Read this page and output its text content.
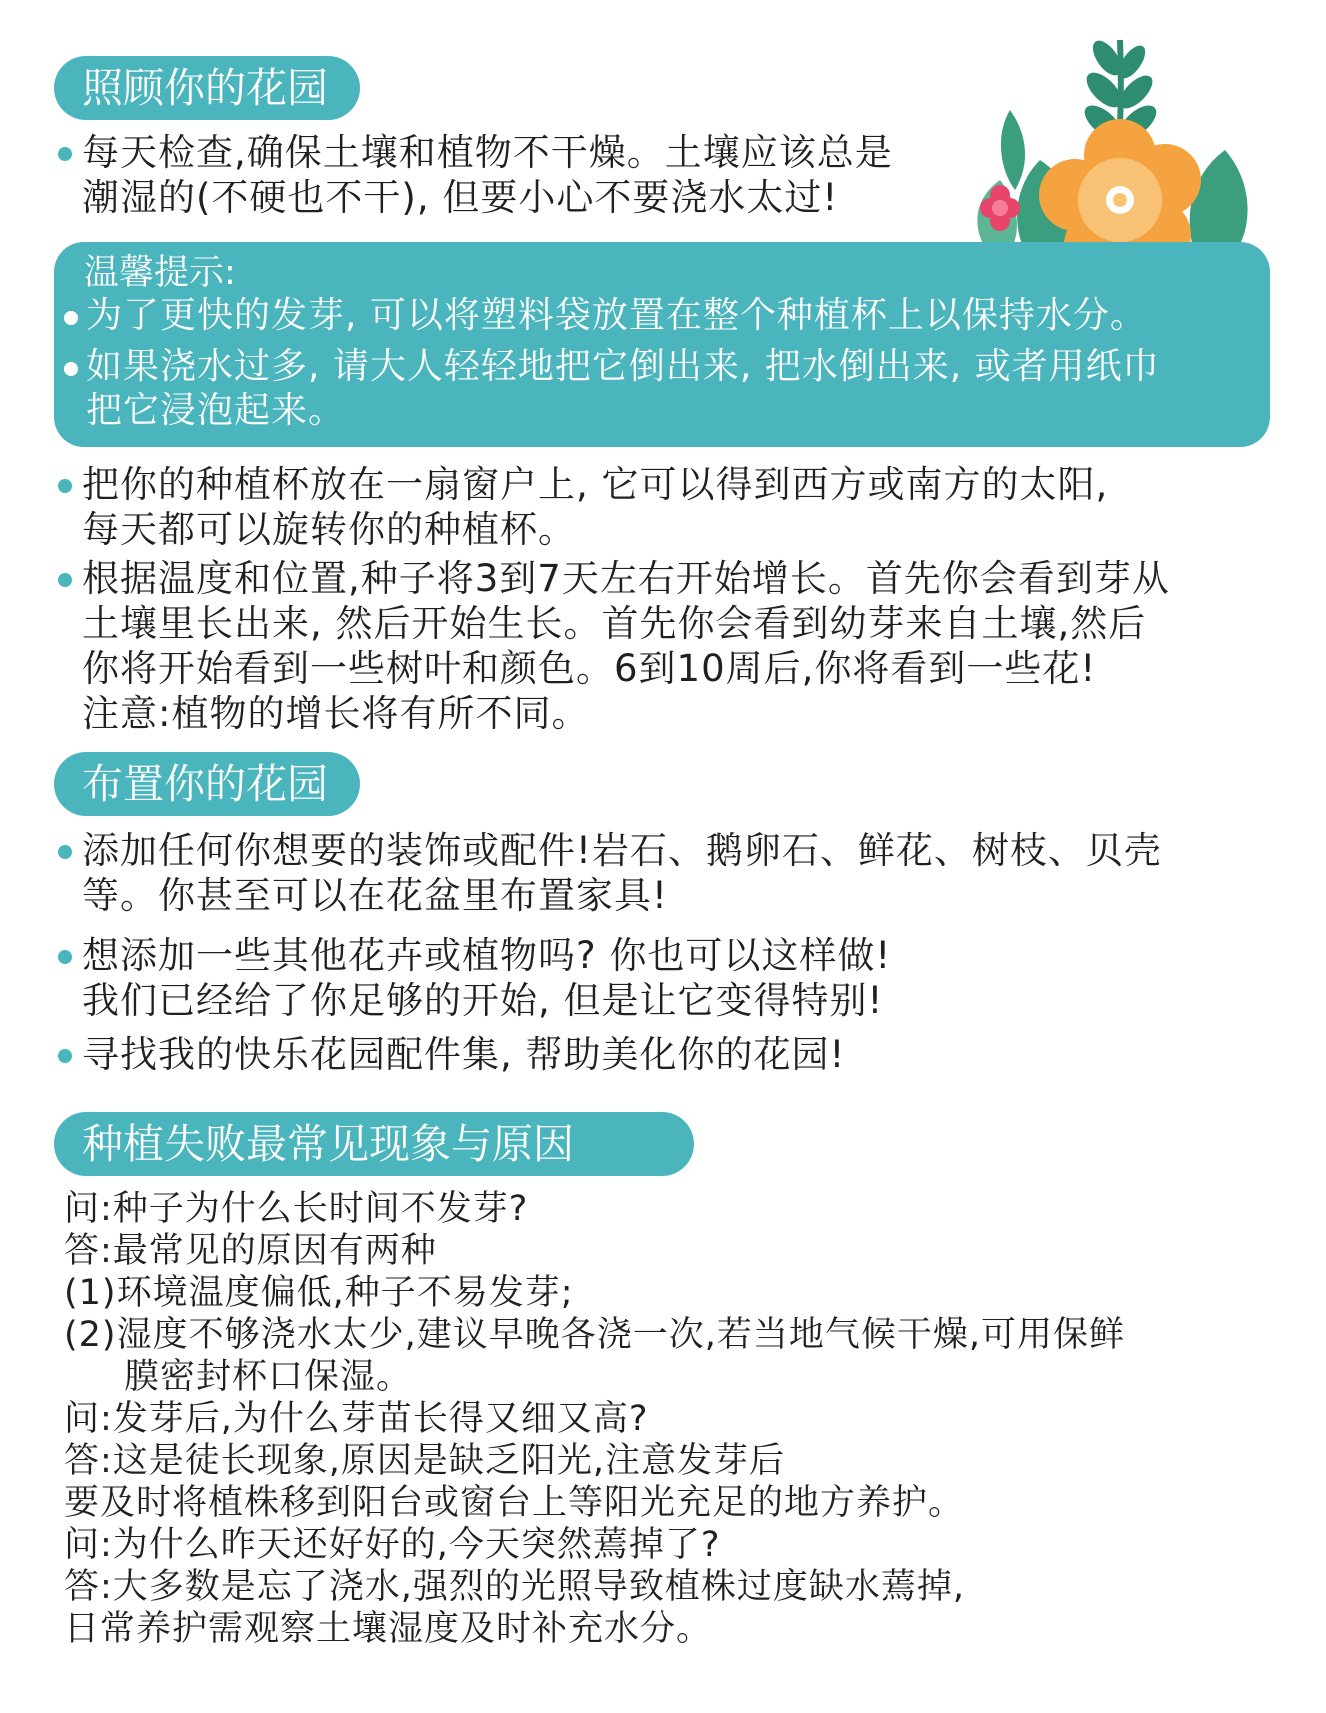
照顾你的花园
每天检查,确保土壤和植物不干燥。土壤应该总是
潮湿的(不硬也不干), 但要小心不要浇水太过!
温馨提示:
为了更快的发芽, 可以将塑料袋放置在整个种植杯上以保持水分。
如果浇水过多, 请大人轻轻地把它倒出来, 把水倒出来, 或者用纸巾
把它浸泡起来。
把你的种植杯放在一扇窗户上, 它可以得到西方或南方的太阳,
每天都可以旋转你的种植杯。
根据温度和位置,种子将3到7天左右开始增长。首先你会看到芽从
土壤里长出来, 然后开始生长。首先你会看到幼芽来自土壤,然后
你将开始看到一些树叶和颜色。6到10周后,你将看到一些花!
注意:植物的增长将有所不同。
布置你的花园
添加任何你想要的装饰或配件!岩石、鹅卵石、鲜花、树枝、贝壳
等。你甚至可以在花盆里布置家具!
想添加一些其他花卉或植物吗? 你也可以这样做!
我们已经给了你足够的开始, 但是让它变得特别!
寻找我的快乐花园配件集, 帮助美化你的花园!
种植失败最常见现象与原因
问:种子为什么长时间不发芽?
答:最常见的原因有两种
(1)环境温度偏低,种子不易发芽;
(2)湿度不够浇水太少,建议早晚各浇一次,若当地气候干燥,可用保鲜
膜密封杯口保湿。
问:发芽后,为什么芽苗长得又细又高?
答:这是徒长现象,原因是缺乏阳光,注意发芽后
要及时将植株移到阳台或窗台上等阳光充足的地方养护。
问:为什么昨天还好好的,今天突然蔫掉了?
答:大多数是忘了浇水,强烈的光照导致植株过度缺水蔫掉,
日常养护需观察土壤湿度及时补充水分。
